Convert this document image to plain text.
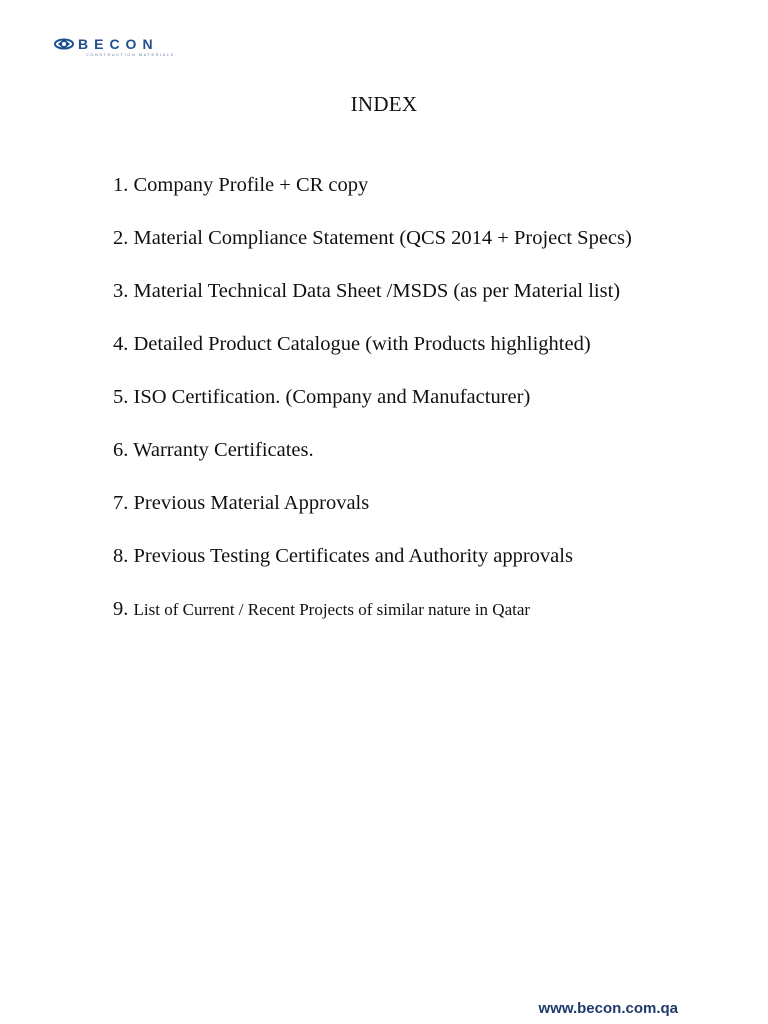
BECON
CONSTRUCTION MATERIALS
INDEX
1. Company Profile + CR copy
2. Material Compliance Statement (QCS 2014 + Project Specs)
3. Material Technical Data Sheet /MSDS (as per Material list)
4. Detailed Product Catalogue (with Products highlighted)
5. ISO Certification. (Company and Manufacturer)
6. Warranty Certificates.
7. Previous Material Approvals
8. Previous Testing Certificates and Authority approvals
9. List of Current / Recent Projects of similar nature in Qatar
www.becon.com.qa
